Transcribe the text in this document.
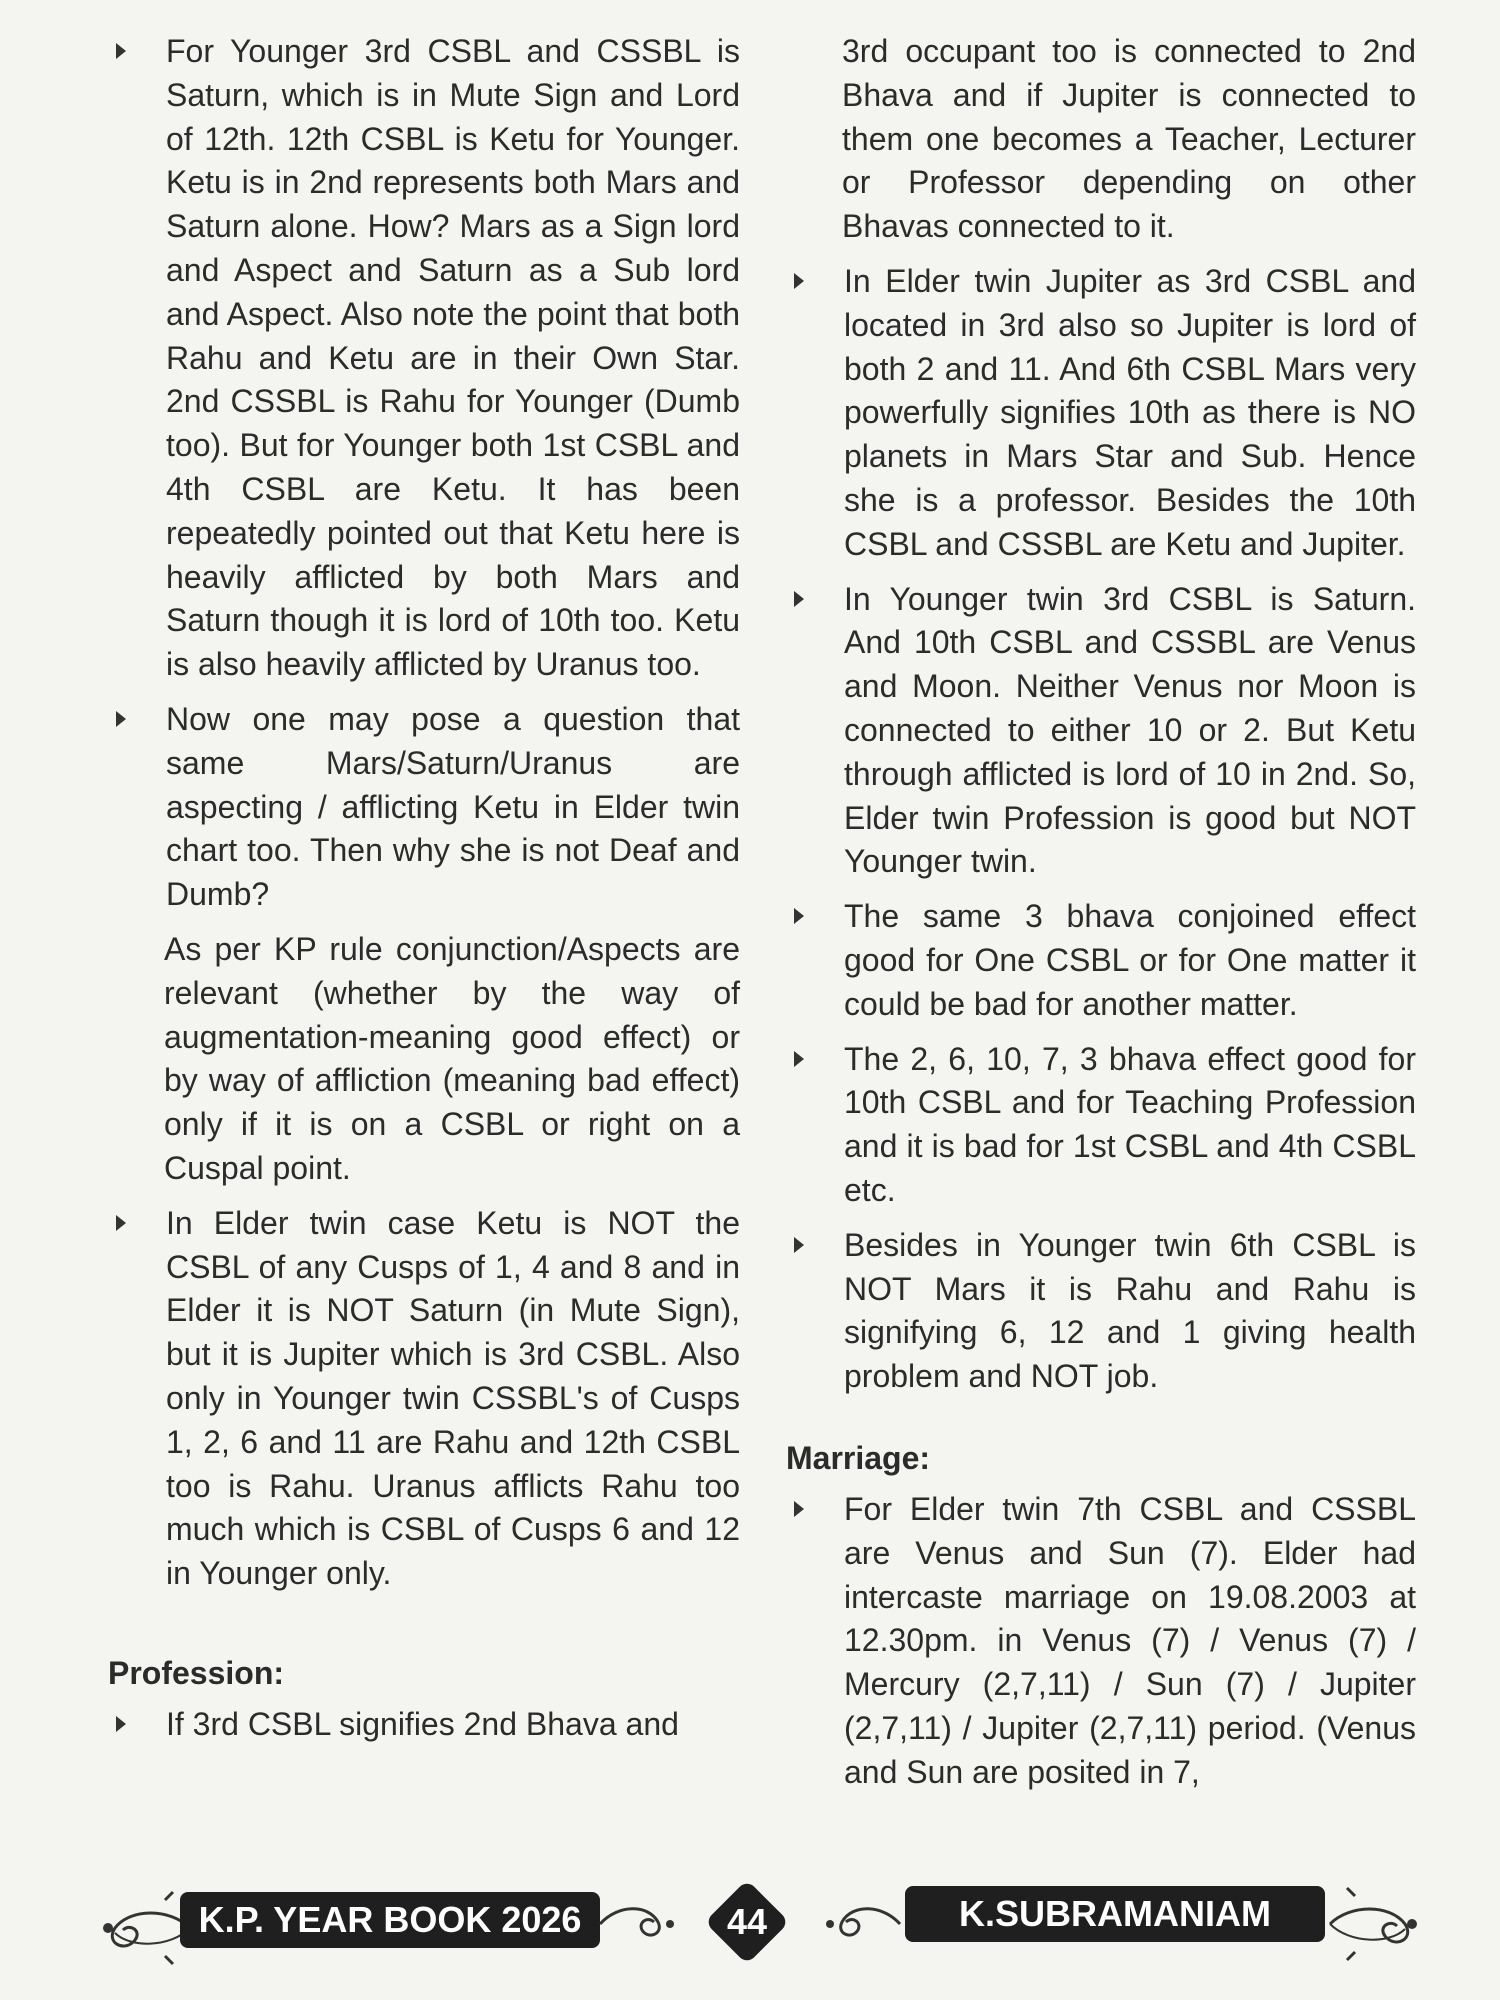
For Younger 3rd CSBL and CSSBL is Saturn, which is in Mute Sign and Lord of 12th. 12th CSBL is Ketu for Younger. Ketu is in 2nd represents both Mars and Saturn alone. How? Mars as a Sign lord and Aspect and Saturn as a Sub lord and Aspect. Also note the point that both Rahu and Ketu are in their Own Star. 2nd CSSBL is Rahu for Younger (Dumb too). But for Younger both 1st CSBL and 4th CSBL are Ketu. It has been repeatedly pointed out that Ketu here is heavily afflicted by both Mars and Saturn though it is lord of 10th too. Ketu is also heavily afflicted by Uranus too.
Now one may pose a question that same Mars/Saturn/Uranus are aspecting / afflicting Ketu in Elder twin chart too. Then why she is not Deaf and Dumb?
As per KP rule conjunction/Aspects are relevant (whether by the way of augmentation-meaning good effect) or by way of affliction (meaning bad effect) only if it is on a CSBL or right on a Cuspal point.
In Elder twin case Ketu is NOT the CSBL of any Cusps of 1, 4 and 8 and in Elder it is NOT Saturn (in Mute Sign), but it is Jupiter which is 3rd CSBL. Also only in Younger twin CSSBL's of Cusps 1, 2, 6 and 11 are Rahu and 12th CSBL too is Rahu. Uranus afflicts Rahu too much which is CSBL of Cusps 6 and 12 in Younger only.
Profession:
If 3rd CSBL signifies 2nd Bhava and
3rd occupant too is connected to 2nd Bhava and if Jupiter is connected to them one becomes a Teacher, Lecturer or Professor depending on other Bhavas connected to it.
In Elder twin Jupiter as 3rd CSBL and located in 3rd also so Jupiter is lord of both 2 and 11. And 6th CSBL Mars very powerfully signifies 10th as there is NO planets in Mars Star and Sub. Hence she is a professor. Besides the 10th CSBL and CSSBL are Ketu and Jupiter.
In Younger twin 3rd CSBL is Saturn. And 10th CSBL and CSSBL are Venus and Moon. Neither Venus nor Moon is connected to either 10 or 2. But Ketu through afflicted is lord of 10 in 2nd. So, Elder twin Profession is good but NOT Younger twin.
The same 3 bhava conjoined effect good for One CSBL or for One matter it could be bad for another matter.
The 2, 6, 10, 7, 3 bhava effect good for 10th CSBL and for Teaching Profession and it is bad for 1st CSBL and 4th CSBL etc.
Besides in Younger twin 6th CSBL is NOT Mars it is Rahu and Rahu is signifying 6, 12 and 1 giving health problem and NOT job.
Marriage:
For Elder twin 7th CSBL and CSSBL are Venus and Sun (7). Elder had intercaste marriage on 19.08.2003 at 12.30pm. in Venus (7) / Venus (7) / Mercury (2,7,11) / Sun (7) / Jupiter (2,7,11) / Jupiter (2,7,11) period. (Venus and Sun are posited in 7,
K.P. YEAR BOOK 2026	44	K.SUBRAMANIAM
